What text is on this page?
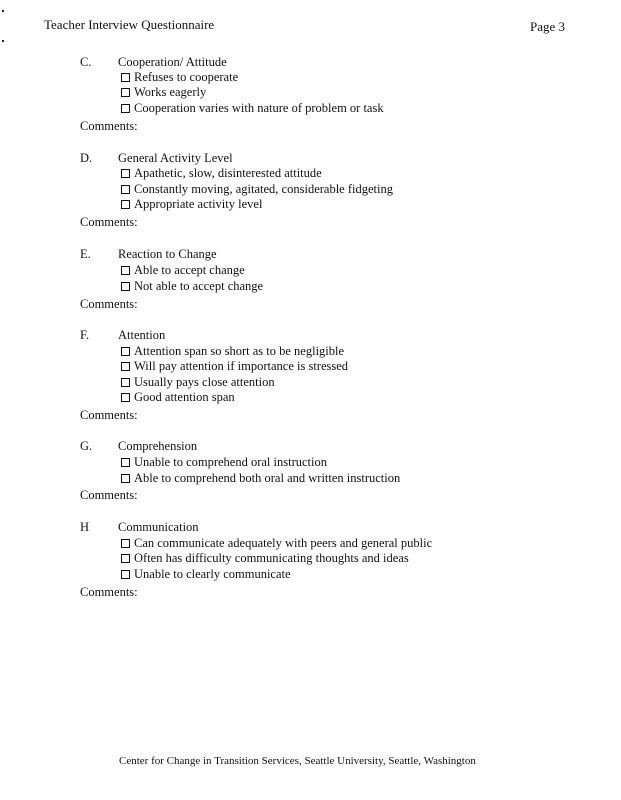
Teacher Interview Questionnaire	Page 3
C. Cooperation/ Attitude
Refuses to cooperate
Works eagerly
Cooperation varies with nature of problem or task
Comments:
D. General Activity Level
Apathetic, slow, disinterested attitude
Constantly moving, agitated, considerable fidgeting
Appropriate activity level
Comments:
E. Reaction to Change
Able to accept change
Not able to accept change
Comments:
F. Attention
Attention span so short as to be negligible
Will pay attention if importance is stressed
Usually pays close attention
Good attention span
Comments:
G. Comprehension
Unable to comprehend oral instruction
Able to comprehend both oral and written instruction
Comments:
H Communication
Can communicate adequately with peers and general public
Often has difficulty communicating thoughts and ideas
Unable to clearly communicate
Comments:
Center for Change in Transition Services, Seattle University, Seattle, Washington
